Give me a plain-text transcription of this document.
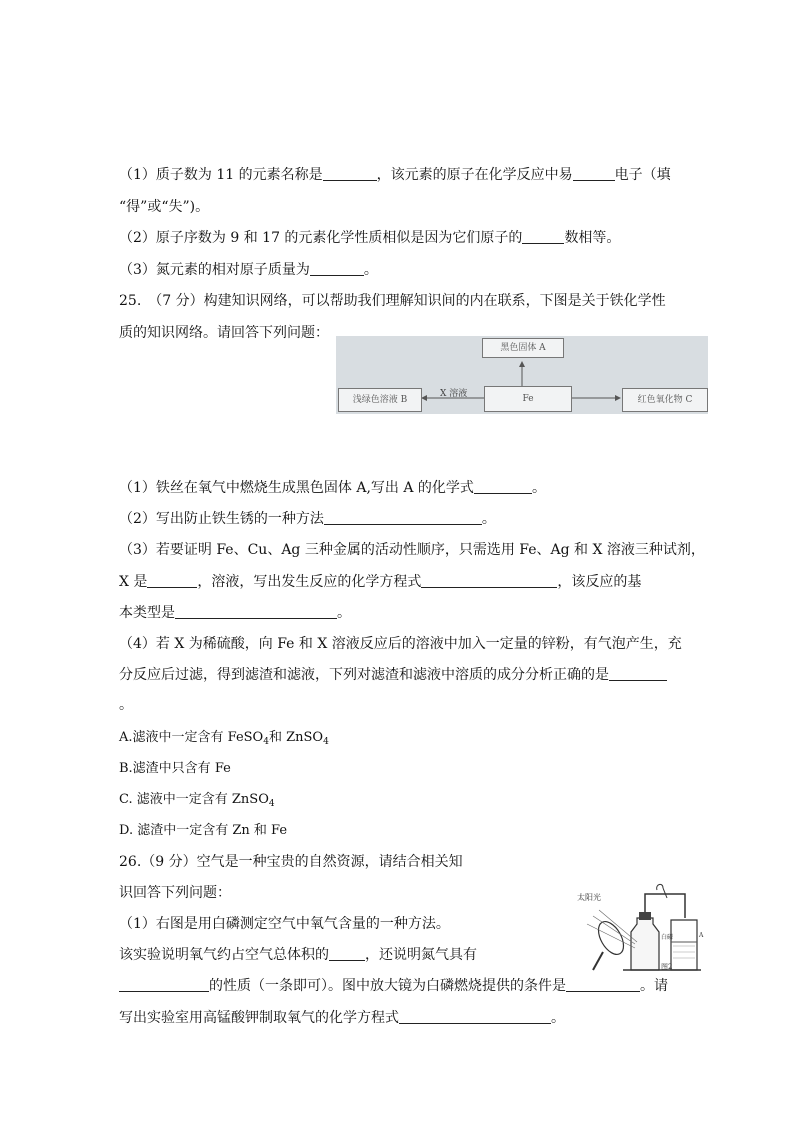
（1）质子数为 11 的元素名称是	，该元素的原子在化学反应中易	电子（填
“得”或“失”)。
（2）原子序数为 9 和 17 的元素化学性质相似是因为它们原子的	数相等。
（3）氮元素的相对原子质量为	。
25.　（7 分）构建知识网络，可以帮助我们理解知识间的内在联系，下图是关于铁化学性
质的知识网络。请回答下列问题：
黑色固体 A
Fe
浅绿色溶液 B	红色氧化物 C
X 溶液
（1）铁丝在氧气中燃烧生成黑色固体 A,写出 A 的化学式	。
（2）写出防止铁生锈的一种方法	。
（3）若要证明 Fe、Cu、Ag 三种金属的活动性顺序，只需选用 Fe、Ag 和 X 溶液三种试剂，
X 是	，溶液，写出发生反应的化学方程式	，该反应的基
本类型是	。
（4）若 X 为稀硫酸，向 Fe 和 X 溶液反应后的溶液中加入一定量的锌粉，有气泡产生，充
分反应后过滤，得到滤渣和滤液，下列对滤渣和滤液中溶质的成分分析正确的是
。
A.滤液中一定含有 FeSO$_4$和 ZnSO$_4$
B.滤渣中只含有 Fe
C. 滤液中一定含有 ZnSO$_4$
D. 滤渣中一定含有 Zn 和 Fe
26.（9 分）空气是一种宝贵的自然资源，请结合相关知
识回答下列问题：
（1）右图是用白磷测定空气中氧气含量的一种方法。
该实验说明氧气约占空气总体积的	，还说明氮气具有
的性质（一条即可）。图中放大镜为白磷燃烧提供的条件是	。请
写出实验室用高锰酸钾制取氧气的化学方程式	。
太阳光
白磷	A
图2
